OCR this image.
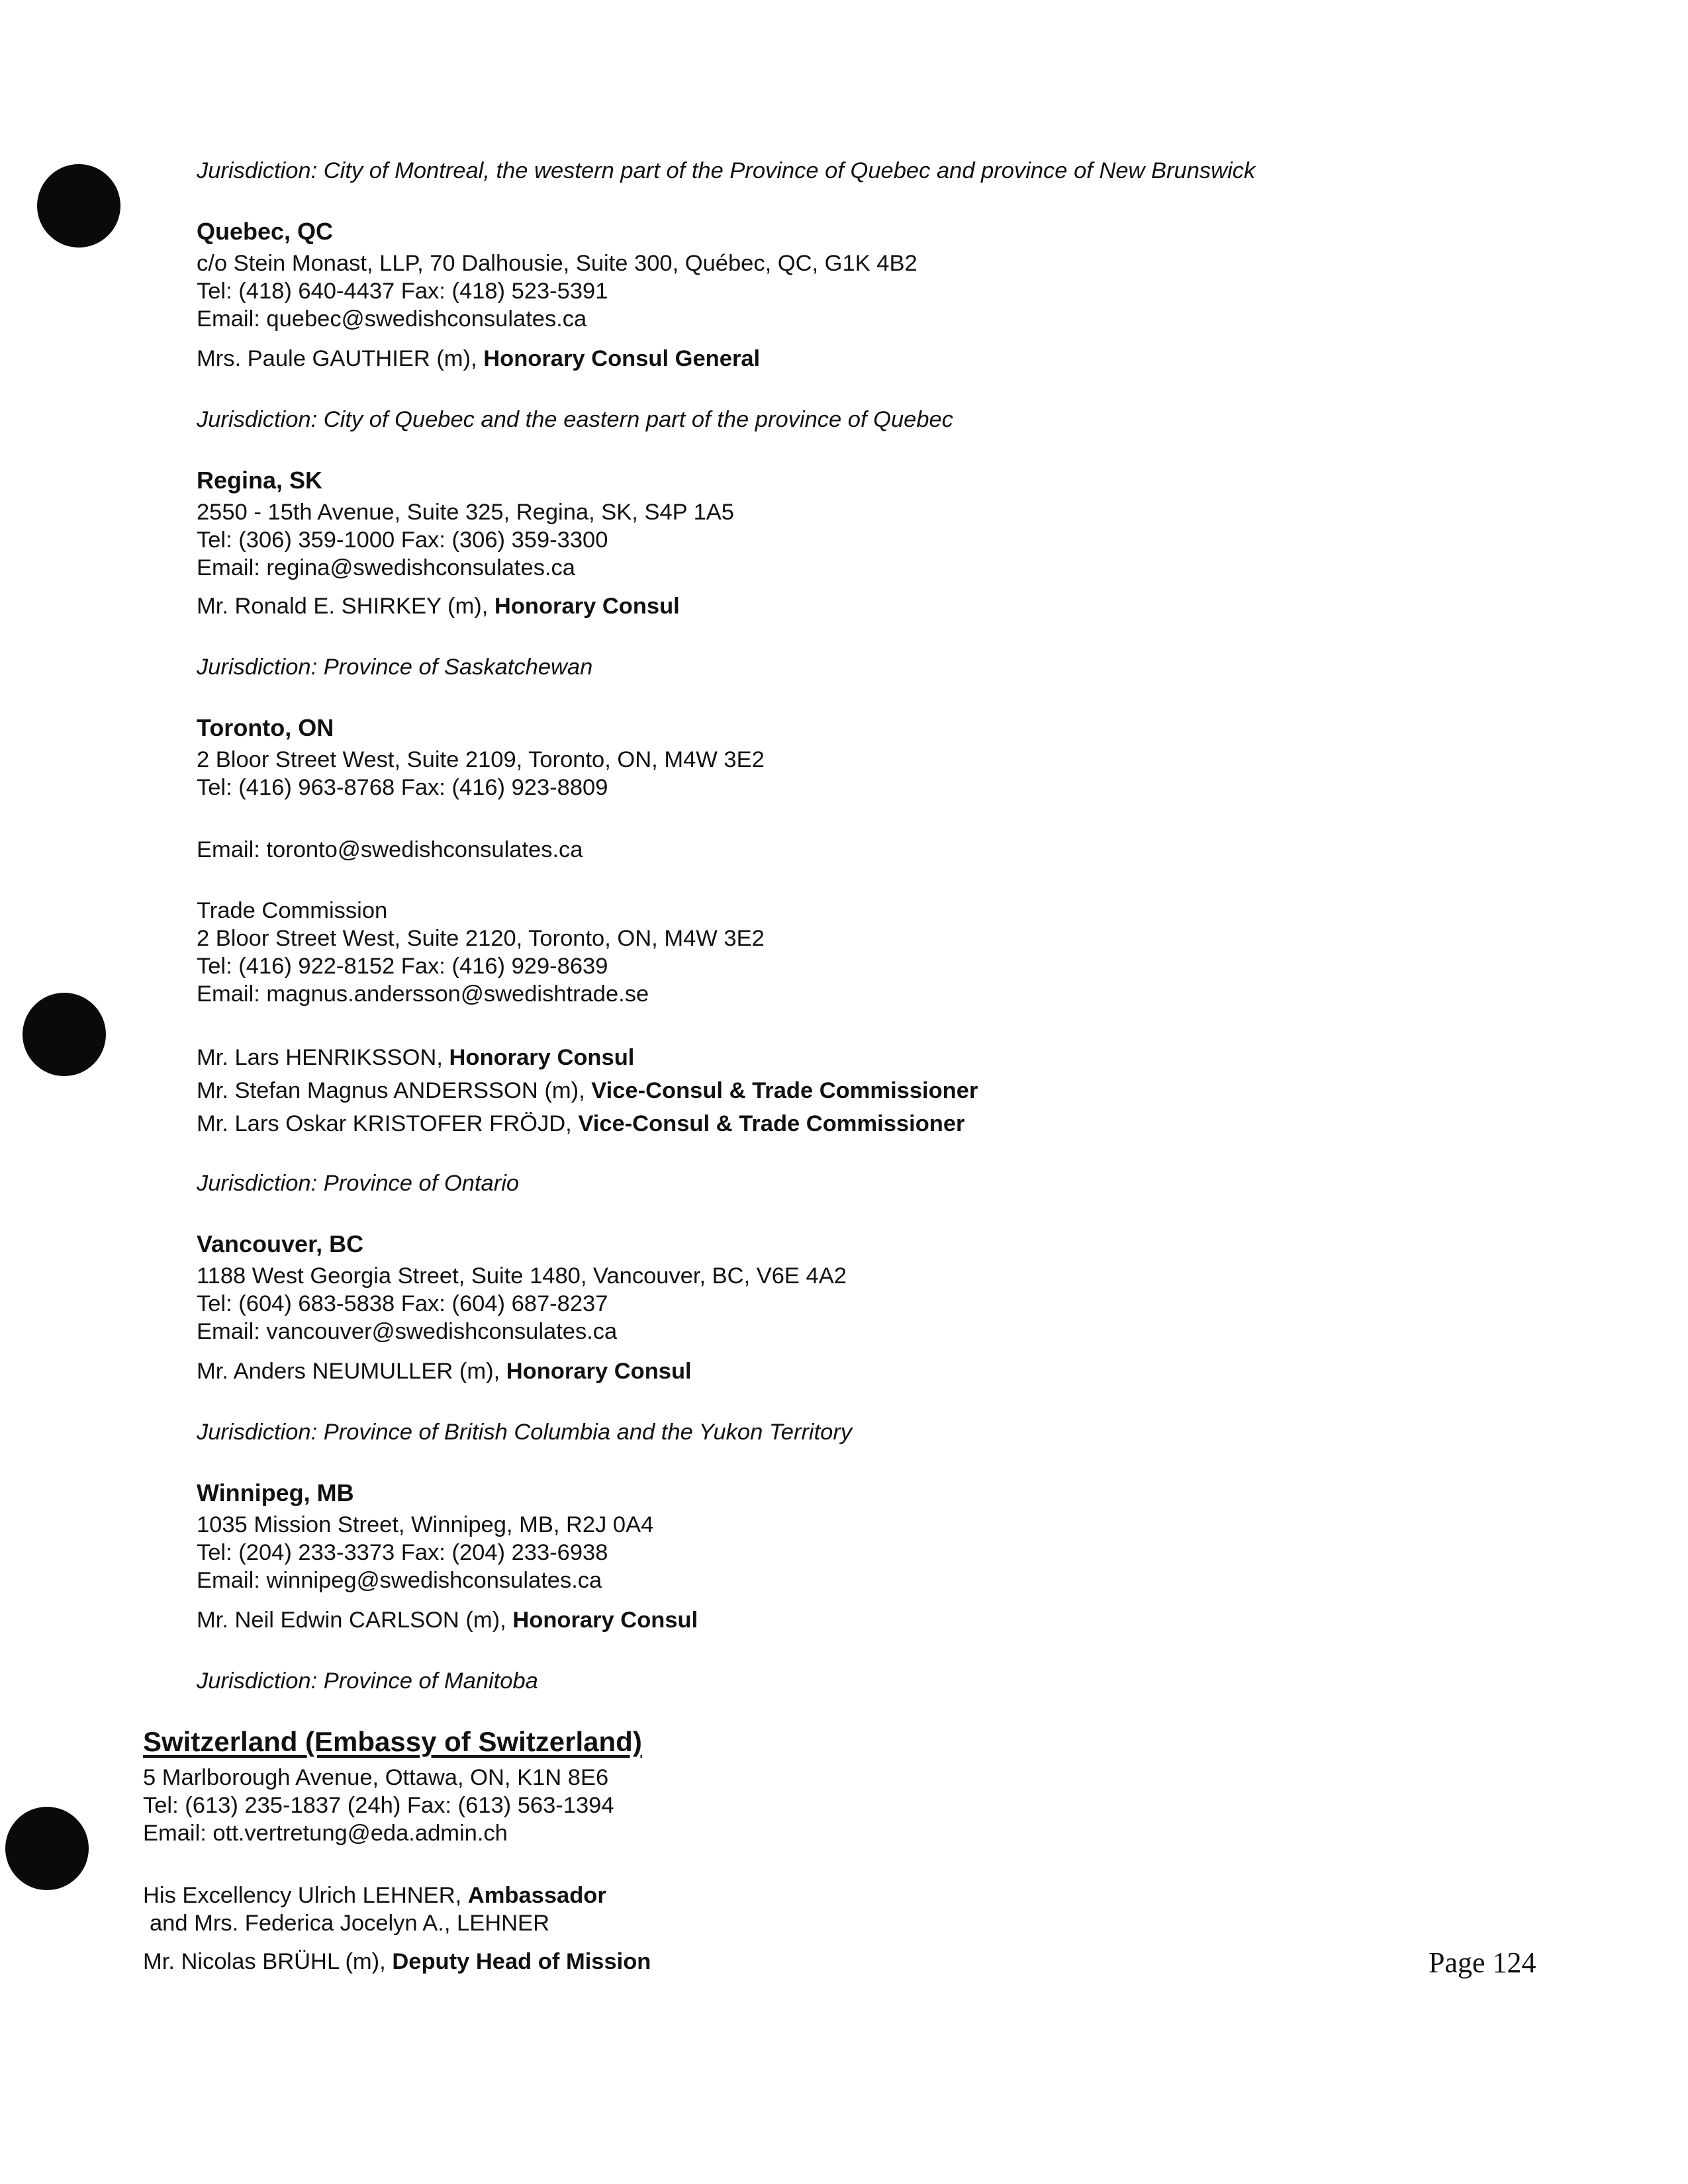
Jurisdiction: City of Montreal, the western part of the Province of Quebec and province of New Brunswick
Quebec, QC
c/o Stein Monast, LLP, 70 Dalhousie, Suite 300, Québec, QC, G1K 4B2
Tel: (418) 640-4437 Fax: (418) 523-5391
Email: quebec@swedishconsulates.ca
Mrs. Paule GAUTHIER (m), Honorary Consul General
Jurisdiction: City of Quebec and the eastern part of the province of Quebec
Regina, SK
2550 - 15th Avenue, Suite 325, Regina, SK, S4P 1A5
Tel: (306) 359-1000 Fax: (306) 359-3300
Email: regina@swedishconsulates.ca
Mr. Ronald E. SHIRKEY (m), Honorary Consul
Jurisdiction: Province of Saskatchewan
Toronto, ON
2 Bloor Street West, Suite 2109, Toronto, ON, M4W 3E2
Tel: (416) 963-8768 Fax: (416) 923-8809
Email: toronto@swedishconsulates.ca
Trade Commission
2 Bloor Street West, Suite 2120, Toronto, ON, M4W 3E2
Tel: (416) 922-8152 Fax: (416) 929-8639
Email: magnus.andersson@swedishtrade.se
Mr. Lars HENRIKSSON, Honorary Consul
Mr. Stefan Magnus ANDERSSON (m), Vice-Consul & Trade Commissioner
Mr. Lars Oskar KRISTOFER FRÖJD, Vice-Consul & Trade Commissioner
Jurisdiction: Province of Ontario
Vancouver, BC
1188 West Georgia Street, Suite 1480, Vancouver, BC, V6E 4A2
Tel: (604) 683-5838 Fax: (604) 687-8237
Email: vancouver@swedishconsulates.ca
Mr. Anders NEUMULLER (m), Honorary Consul
Jurisdiction: Province of British Columbia and the Yukon Territory
Winnipeg, MB
1035 Mission Street, Winnipeg, MB, R2J 0A4
Tel: (204) 233-3373 Fax: (204) 233-6938
Email: winnipeg@swedishconsulates.ca
Mr. Neil Edwin CARLSON (m), Honorary Consul
Jurisdiction: Province of Manitoba
Switzerland (Embassy of Switzerland)
5 Marlborough Avenue, Ottawa, ON, K1N 8E6
Tel: (613) 235-1837 (24h) Fax: (613) 563-1394
Email: ott.vertretung@eda.admin.ch
His Excellency Ulrich LEHNER, Ambassador
and Mrs. Federica Jocelyn A., LEHNER
Mr. Nicolas BRÜHL (m), Deputy Head of Mission	Page 124
